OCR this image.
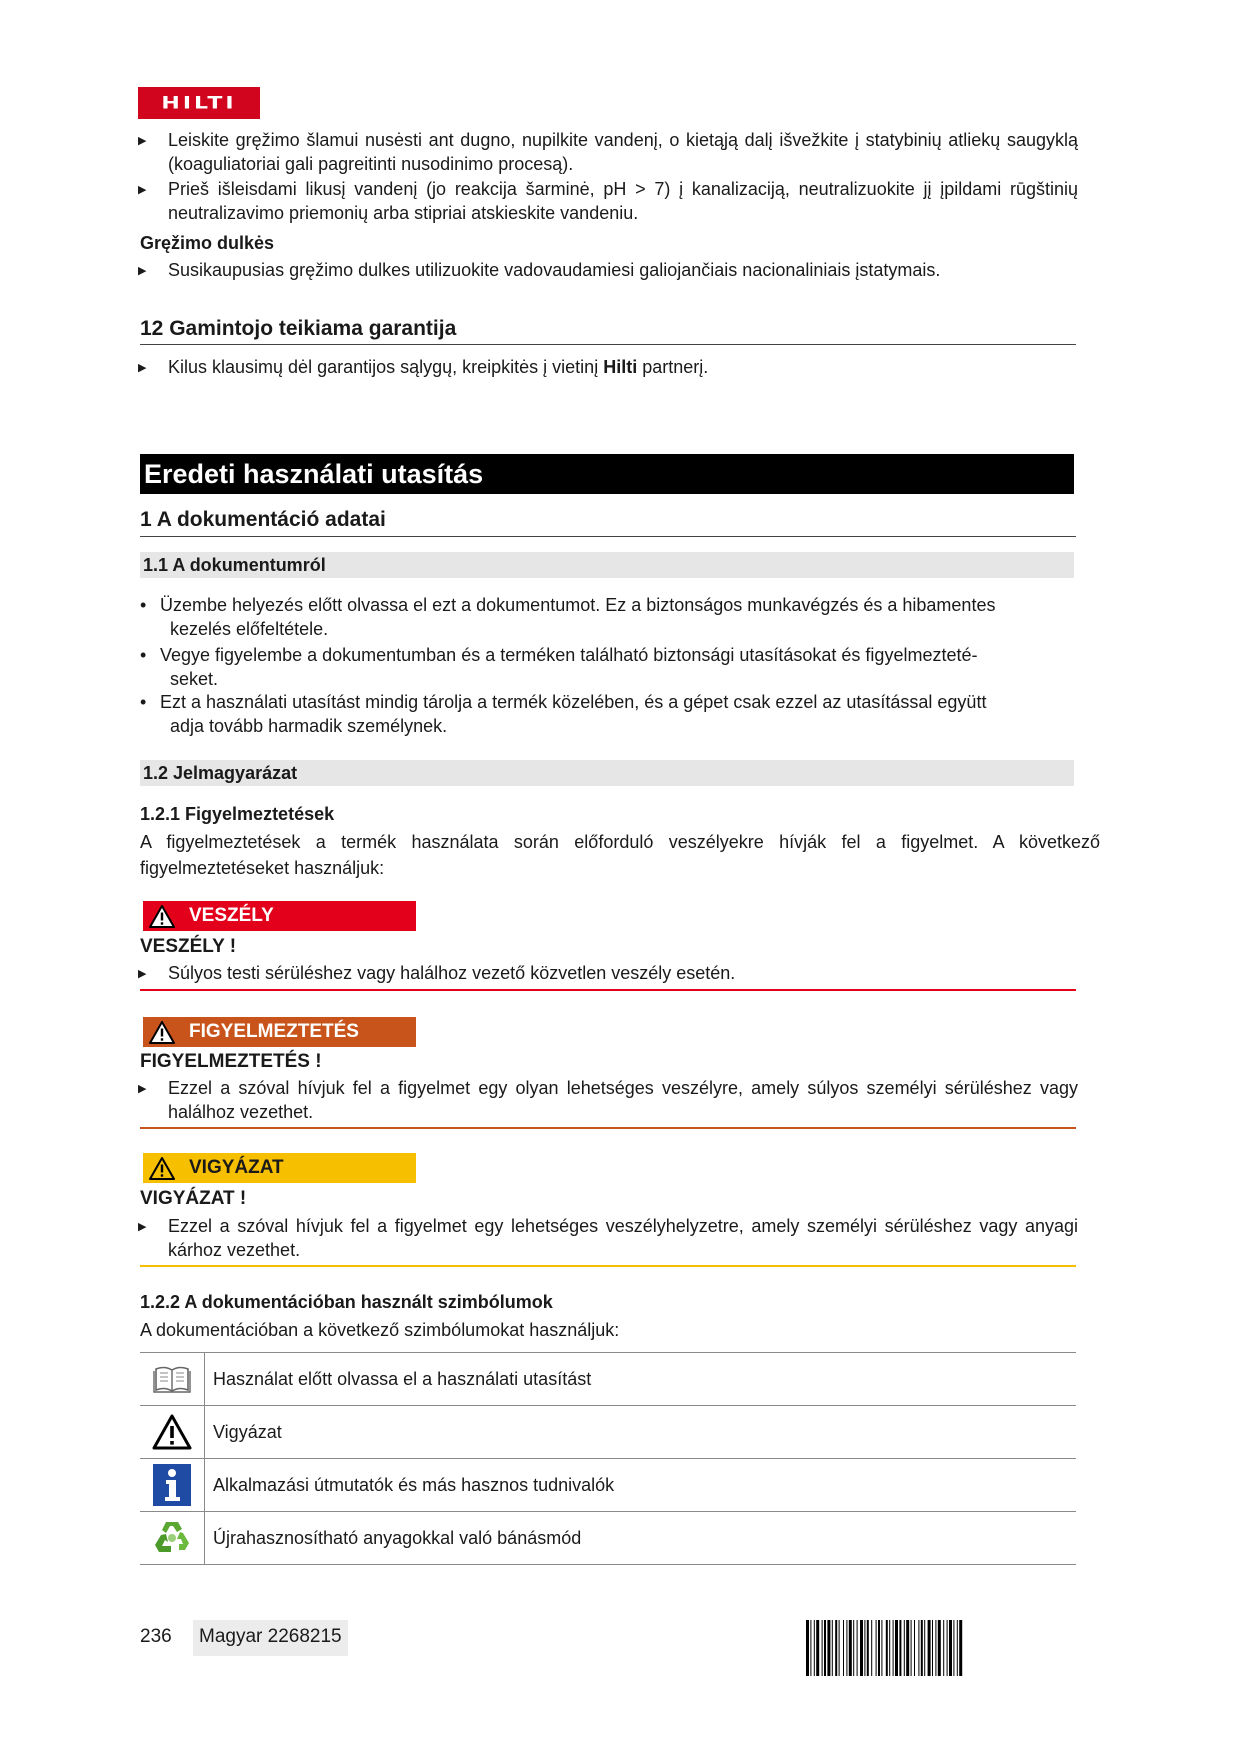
HILTI
▶	Leiskite gręžimo šlamui nusėsti ant dugno, nupilkite vandenį, o kietąją dalį išvežkite į statybinių atliekų saugyklą (koaguliatoriai gali pagreitinti nusodinimo procesą).
▶	Prieš išleisdami likusį vandenį (jo reakcija šarminė, pH > 7) į kanalizaciją, neutralizuokite jį įpildami rūgštinių neutralizavimo priemonių arba stipriai atskieskite vandeniu.
Gręžimo dulkės
▶	Susikaupusias gręžimo dulkes utilizuokite vadovaudamiesi galiojančiais nacionaliniais įstatymais.
12 Gamintojo teikiama garantija
▶	Kilus klausimų dėl garantijos sąlygų, kreipkitės į vietinį Hilti partnerį.
Eredeti használati utasítás
1 A dokumentáció adatai
1.1 A dokumentumról
• Üzembe helyezés előtt olvassa el ezt a dokumentumot. Ez a biztonságos munkavégzés és a hibamentes
kezelés előfeltétele.
• Vegye figyelembe a dokumentumban és a terméken található biztonsági utasításokat és figyelmezteté-
seket.
• Ezt a használati utasítást mindig tárolja a termék közelében, és a gépet csak ezzel az utasítással együtt
adja tovább harmadik személynek.
1.2 Jelmagyarázat
1.2.1 Figyelmeztetések
A figyelmeztetések a termék használata során előforduló veszélyekre hívják fel a figyelmet. A következő figyelmeztetéseket használjuk:
VESZÉLY
VESZÉLY !
▶	Súlyos testi sérüléshez vagy halálhoz vezető közvetlen veszély esetén.
FIGYELMEZTETÉS
FIGYELMEZTETÉS !
▶	Ezzel a szóval hívjuk fel a figyelmet egy olyan lehetséges veszélyre, amely súlyos személyi sérüléshez vagy halálhoz vezethet.
VIGYÁZAT
VIGYÁZAT !
▶	Ezzel a szóval hívjuk fel a figyelmet egy lehetséges veszélyhelyzetre, amely személyi sérüléshez vagy anyagi kárhoz vezethet.
1.2.2 A dokumentációban használt szimbólumok
A dokumentációban a következő szimbólumokat használjuk:
Használat előtt olvassa el a használati utasítást
Vigyázat
Alkalmazási útmutatók és más hasznos tudnivalók
Újrahasznosítható anyagokkal való bánásmód
236	Magyar 2268215
